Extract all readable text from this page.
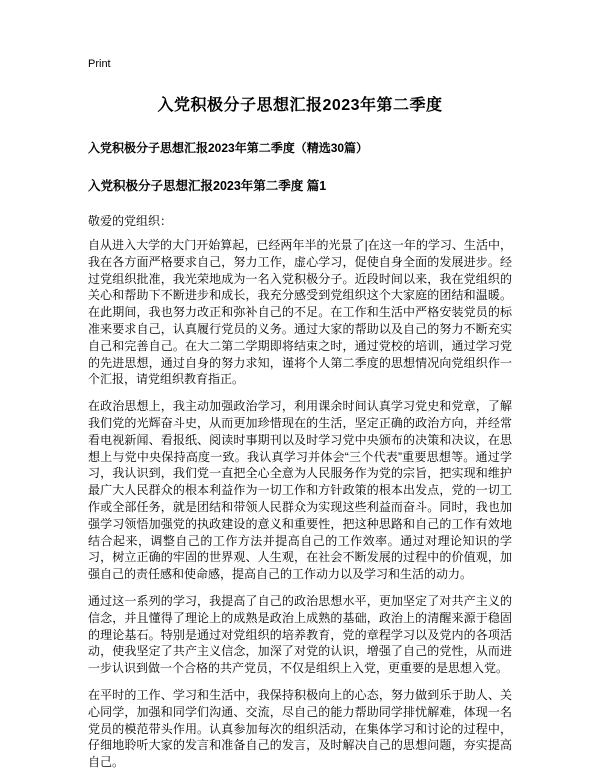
Print
入党积极分子思想汇报2023年第二季度
入党积极分子思想汇报2023年第二季度（精选30篇）
入党积极分子思想汇报2023年第二季度 篇1

敬爱的党组织：

自从进入大学的大门开始算起，已经两年半的光景了|在这一年的学习、生活中，我在各方面严格要求自己，努力工作，虚心学习，促使自身全面的发展进步。经过党组织批准，我光荣地成为一名入党积极分子。近段时间以来，我在党组织的关心和帮助下不断进步和成长，我充分感受到党组织这个大家庭的团结和温暖。在此期间，我也努力改正和弥补自己的不足。在工作和生活中严格安装党员的标准来要求自己，认真履行党员的义务。通过大家的帮助以及自己的努力不断充实自己和完善自己。在大二第二学期即将结束之时，通过党校的培训，通过学习党的先进思想，通过自身的努力求知，谨将个人第二季度的思想情况向党组织作一个汇报，请党组织教育指正。

在政治思想上，我主动加强政治学习，利用课余时间认真学习党史和党章，了解我们党的光辉奋斗史，从而更加珍惜现在的生活，坚定正确的政治方向，并经常看电视新闻、看报纸、阅读时事期刊以及时学习党中央颁布的决策和决议，在思想上与党中央保持高度一致。我认真学习并体会“三个代表”重要思想等。通过学习，我认识到，我们党一直把全心全意为人民服务作为党的宗旨，把实现和维护最广大人民群众的根本利益作为一切工作和方针政策的根本出发点，党的一切工作或全部任务，就是团结和带领人民群众为实现这些利益而奋斗。同时，我也加强学习领悟加强党的执政建设的意义和重要性，把这种思路和自己的工作有效地结合起来，调整自己的工作方法并提高自己的工作效率。通过对理论知识的学习，树立正确的牢固的世界观、人生观，在社会不断发展的过程中的价值观，加强自己的责任感和使命感，提高自己的工作动力以及学习和生活的动力。

通过这一系列的学习，我提高了自己的政治思想水平，更加坚定了对共产主义的信念，并且懂得了理论上的成熟是政治上成熟的基础，政治上的清醒来源于稳固的理论基石。特别是通过对党组织的培养教育，党的章程学习以及党内的各项活动，使我坚定了共产主义信念，加深了对党的认识，增强了自己的党性，从而进一步认识到做一个合格的共产党员，不仅是组织上入党，更重要的是思想入党。

在平时的工作、学习和生活中，我保持积极向上的心态，努力做到乐于助人、关心同学，加强和同学们沟通、交流，尽自己的能力帮助同学排忧解难，体现一名党员的模范带头作用。认真参加每次的组织活动，在集体学习和讨论的过程中，仔细地聆听大家的发言和准备自己的发言，及时解决自己的思想问题，夯实提高自己。
